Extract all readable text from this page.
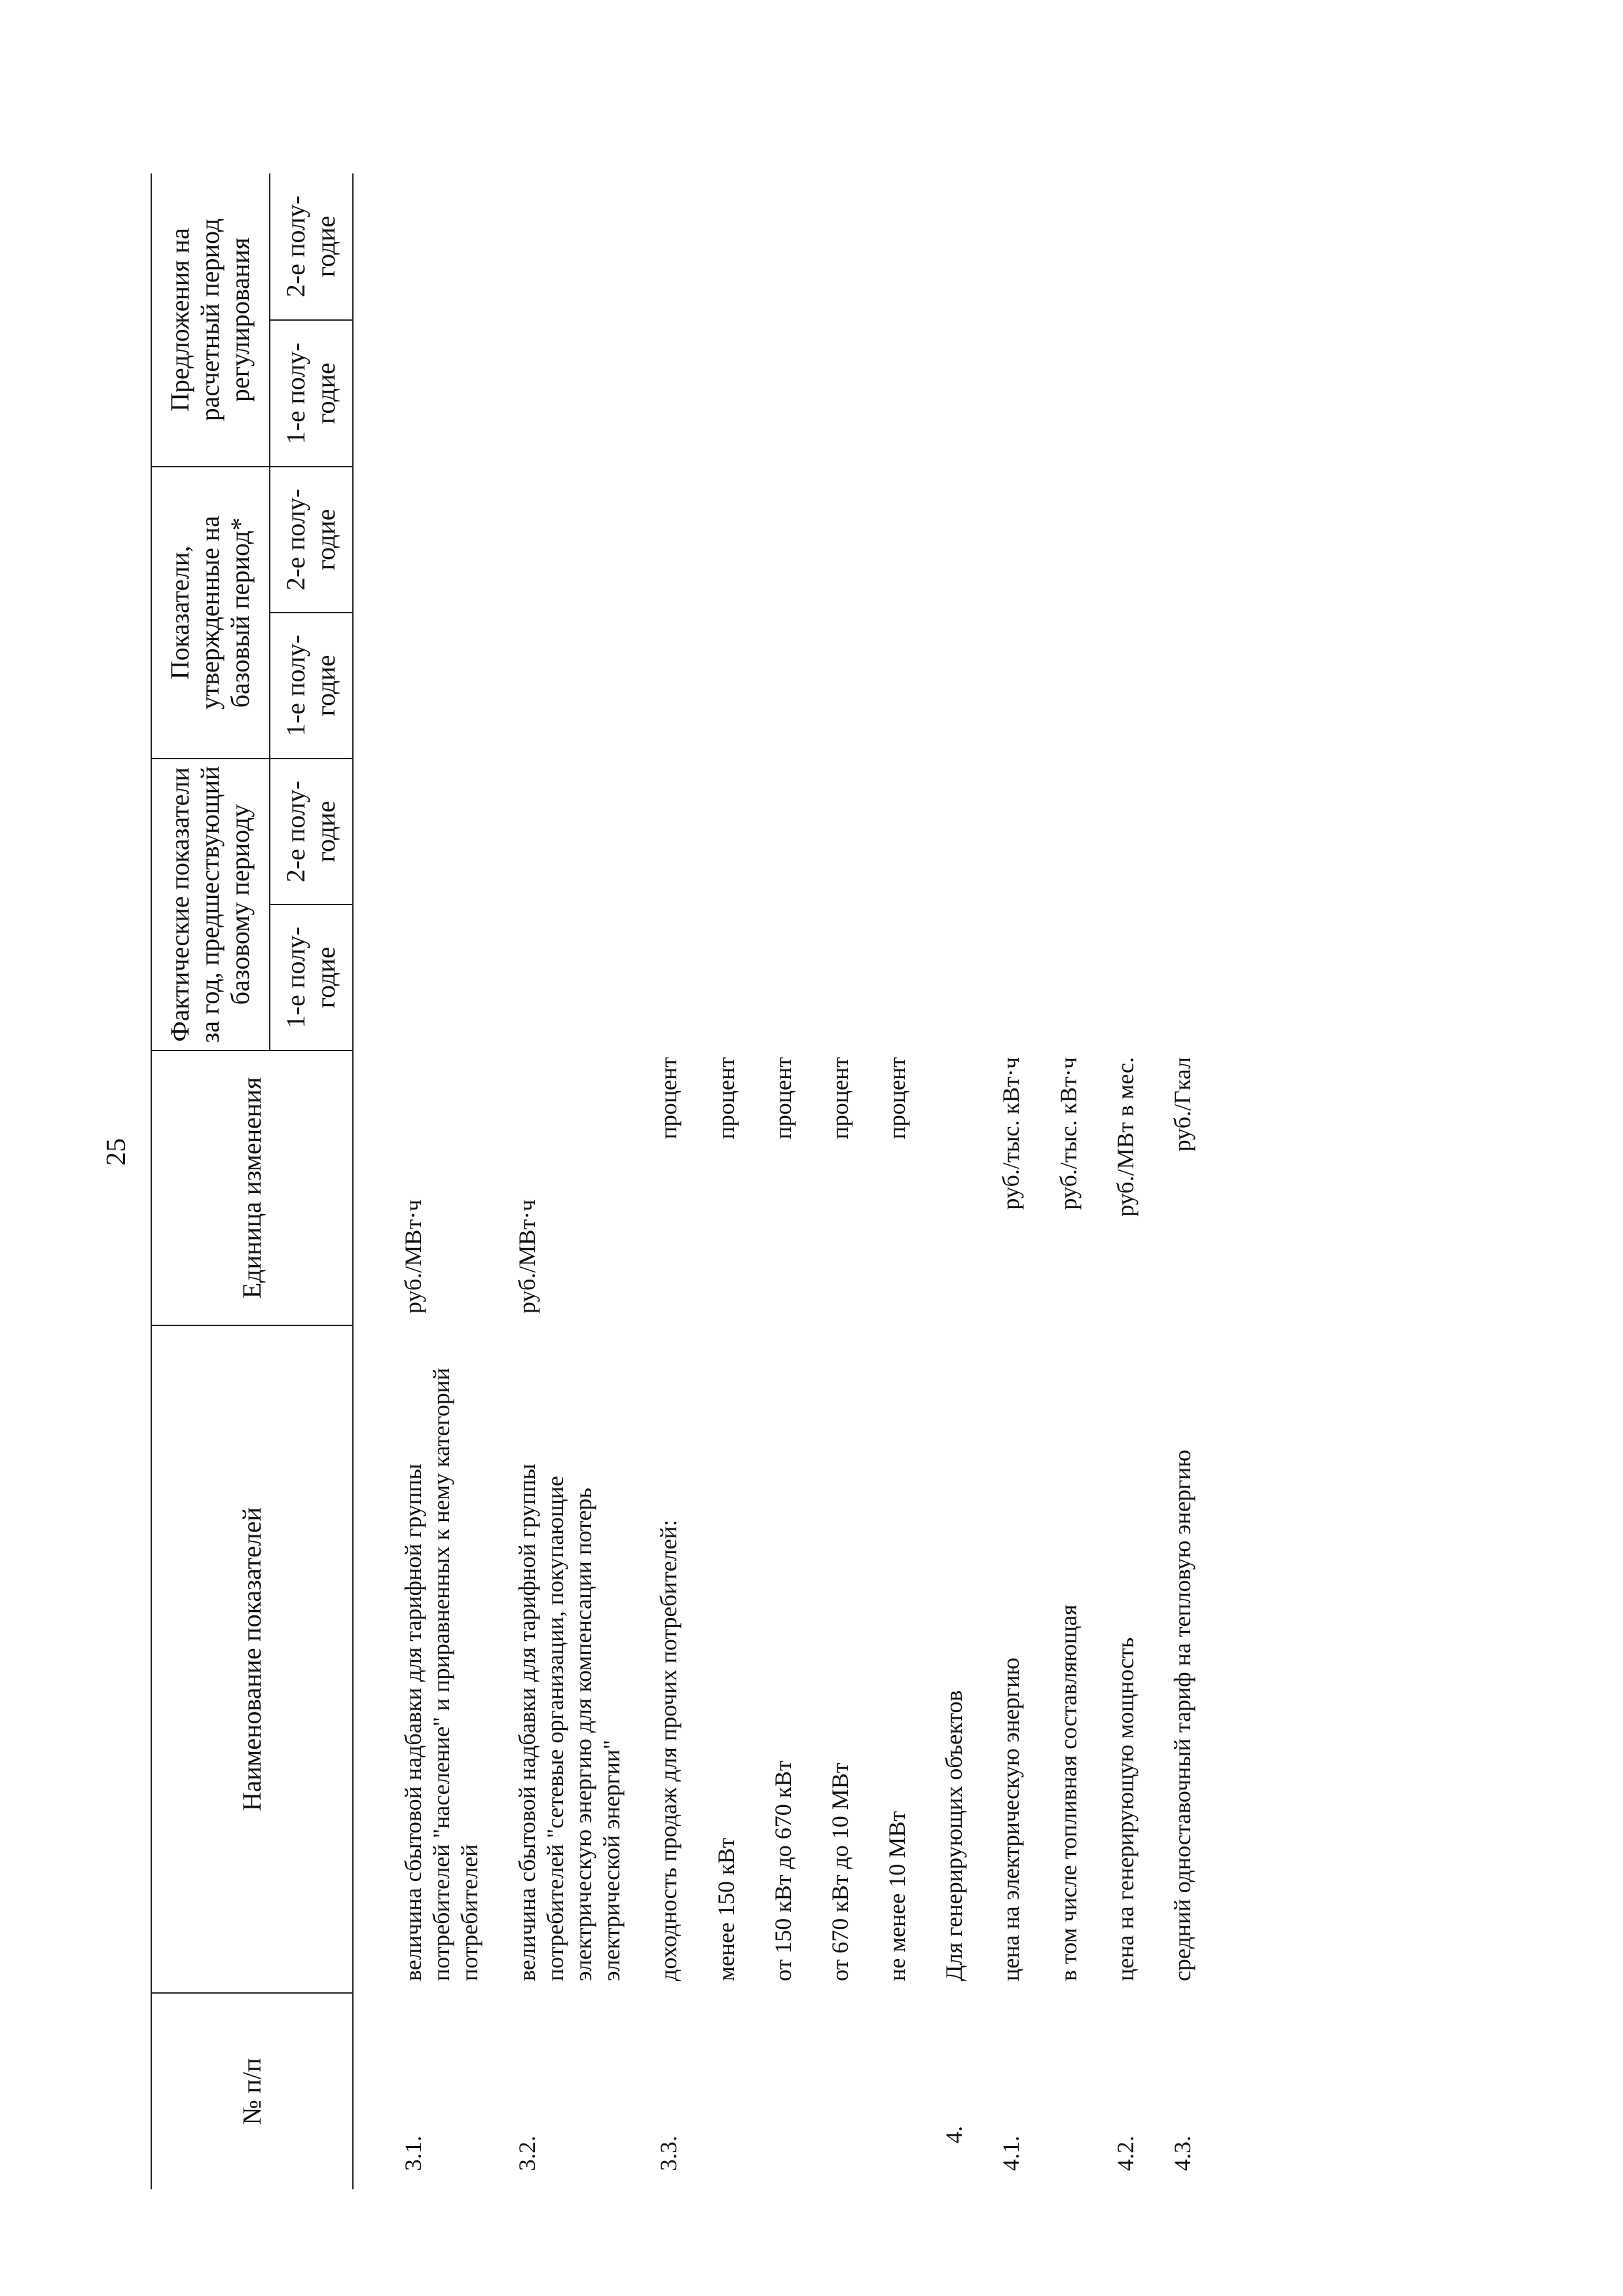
25
№ п/п	Наименование показателей	Единица изменения	Фактические показатели за год, предшествующий базовому периоду		Показатели, утвержденные на базовый период*		Предложения на расчетный период регулирования	
			1-е полу-годие	2-е полу-годие	1-е полу-годие	2-е полу-годие	1-е полу-годие	2-е полу-годие
3.1.	величина сбытовой надбавки для тарифной группы потребителей "население" и приравненных к нему категорий потребителей	руб./МВт·ч						
3.2.	величина сбытовой надбавки для тарифной группы потребителей "сетевые организации, покупающие электрическую энергию для компенсации потерь электрической энергии"	руб./МВт·ч						
3.3.	доходность продаж для прочих потребителей:	процент						
	менее 150 кВт	процент						
	от 150 кВт до 670 кВт	процент						
	от 670 кВт до 10 МВт	процент						
	не менее 10 МВт	процент						
4.	Для генерирующих объектов							
4.1.	цена на электрическую энергию	руб./тыс. кВт·ч						
	в том числе топливная составляющая	руб./тыс. кВт·ч						
4.2.	цена на генерирующую мощность	руб./МВт в мес.						
4.3.	средний одноставочный тариф на тепловую энергию	руб./Гкал						
